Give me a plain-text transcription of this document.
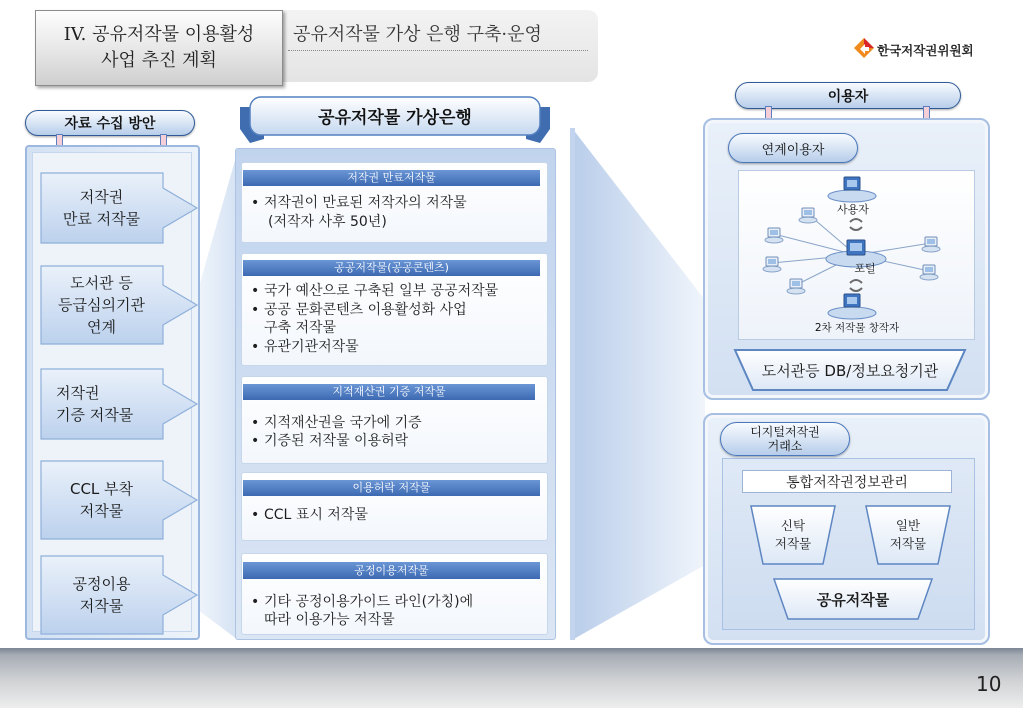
IV. 공유저작물 이용활성
사업 추진 계획
공유저작물 가상 은행 구축·운영
한국저작권위원회
자료 수집 방안
저작권
만료 저작물
도서관 등
등급심의기관
연계
저작권
기증 저작물
CCL 부착
저작물
공정이용
저작물
공유저작물 가상은행
저작권 만료저작물
• 저작권이 만료된 저작자의 저작물
(저작자 사후 50년)
공공저작물(공공콘텐츠)
• 국가 예산으로 구축된 일부 공공저작물
• 공공 문화콘텐츠 이용활성화 사업
구축 저작물
• 유관기관저작물
지적재산권 기증 저작물
• 지적재산권을 국가에 기증
• 기증된 저작물 이용허락
이용허락 저작물
• CCL 표시 저작물
공정이용저작물
• 기타 공정이용가이드 라인(가칭)에
따라 이용가능 저작물
이용자
연계이용자
사용자
포털
2차 저작물 창작자
도서관등 DB/정보요청기관
디지털저작권
거래소
통합저작권정보관리
신탁
저작물
일반
저작물
공유저작물
10
